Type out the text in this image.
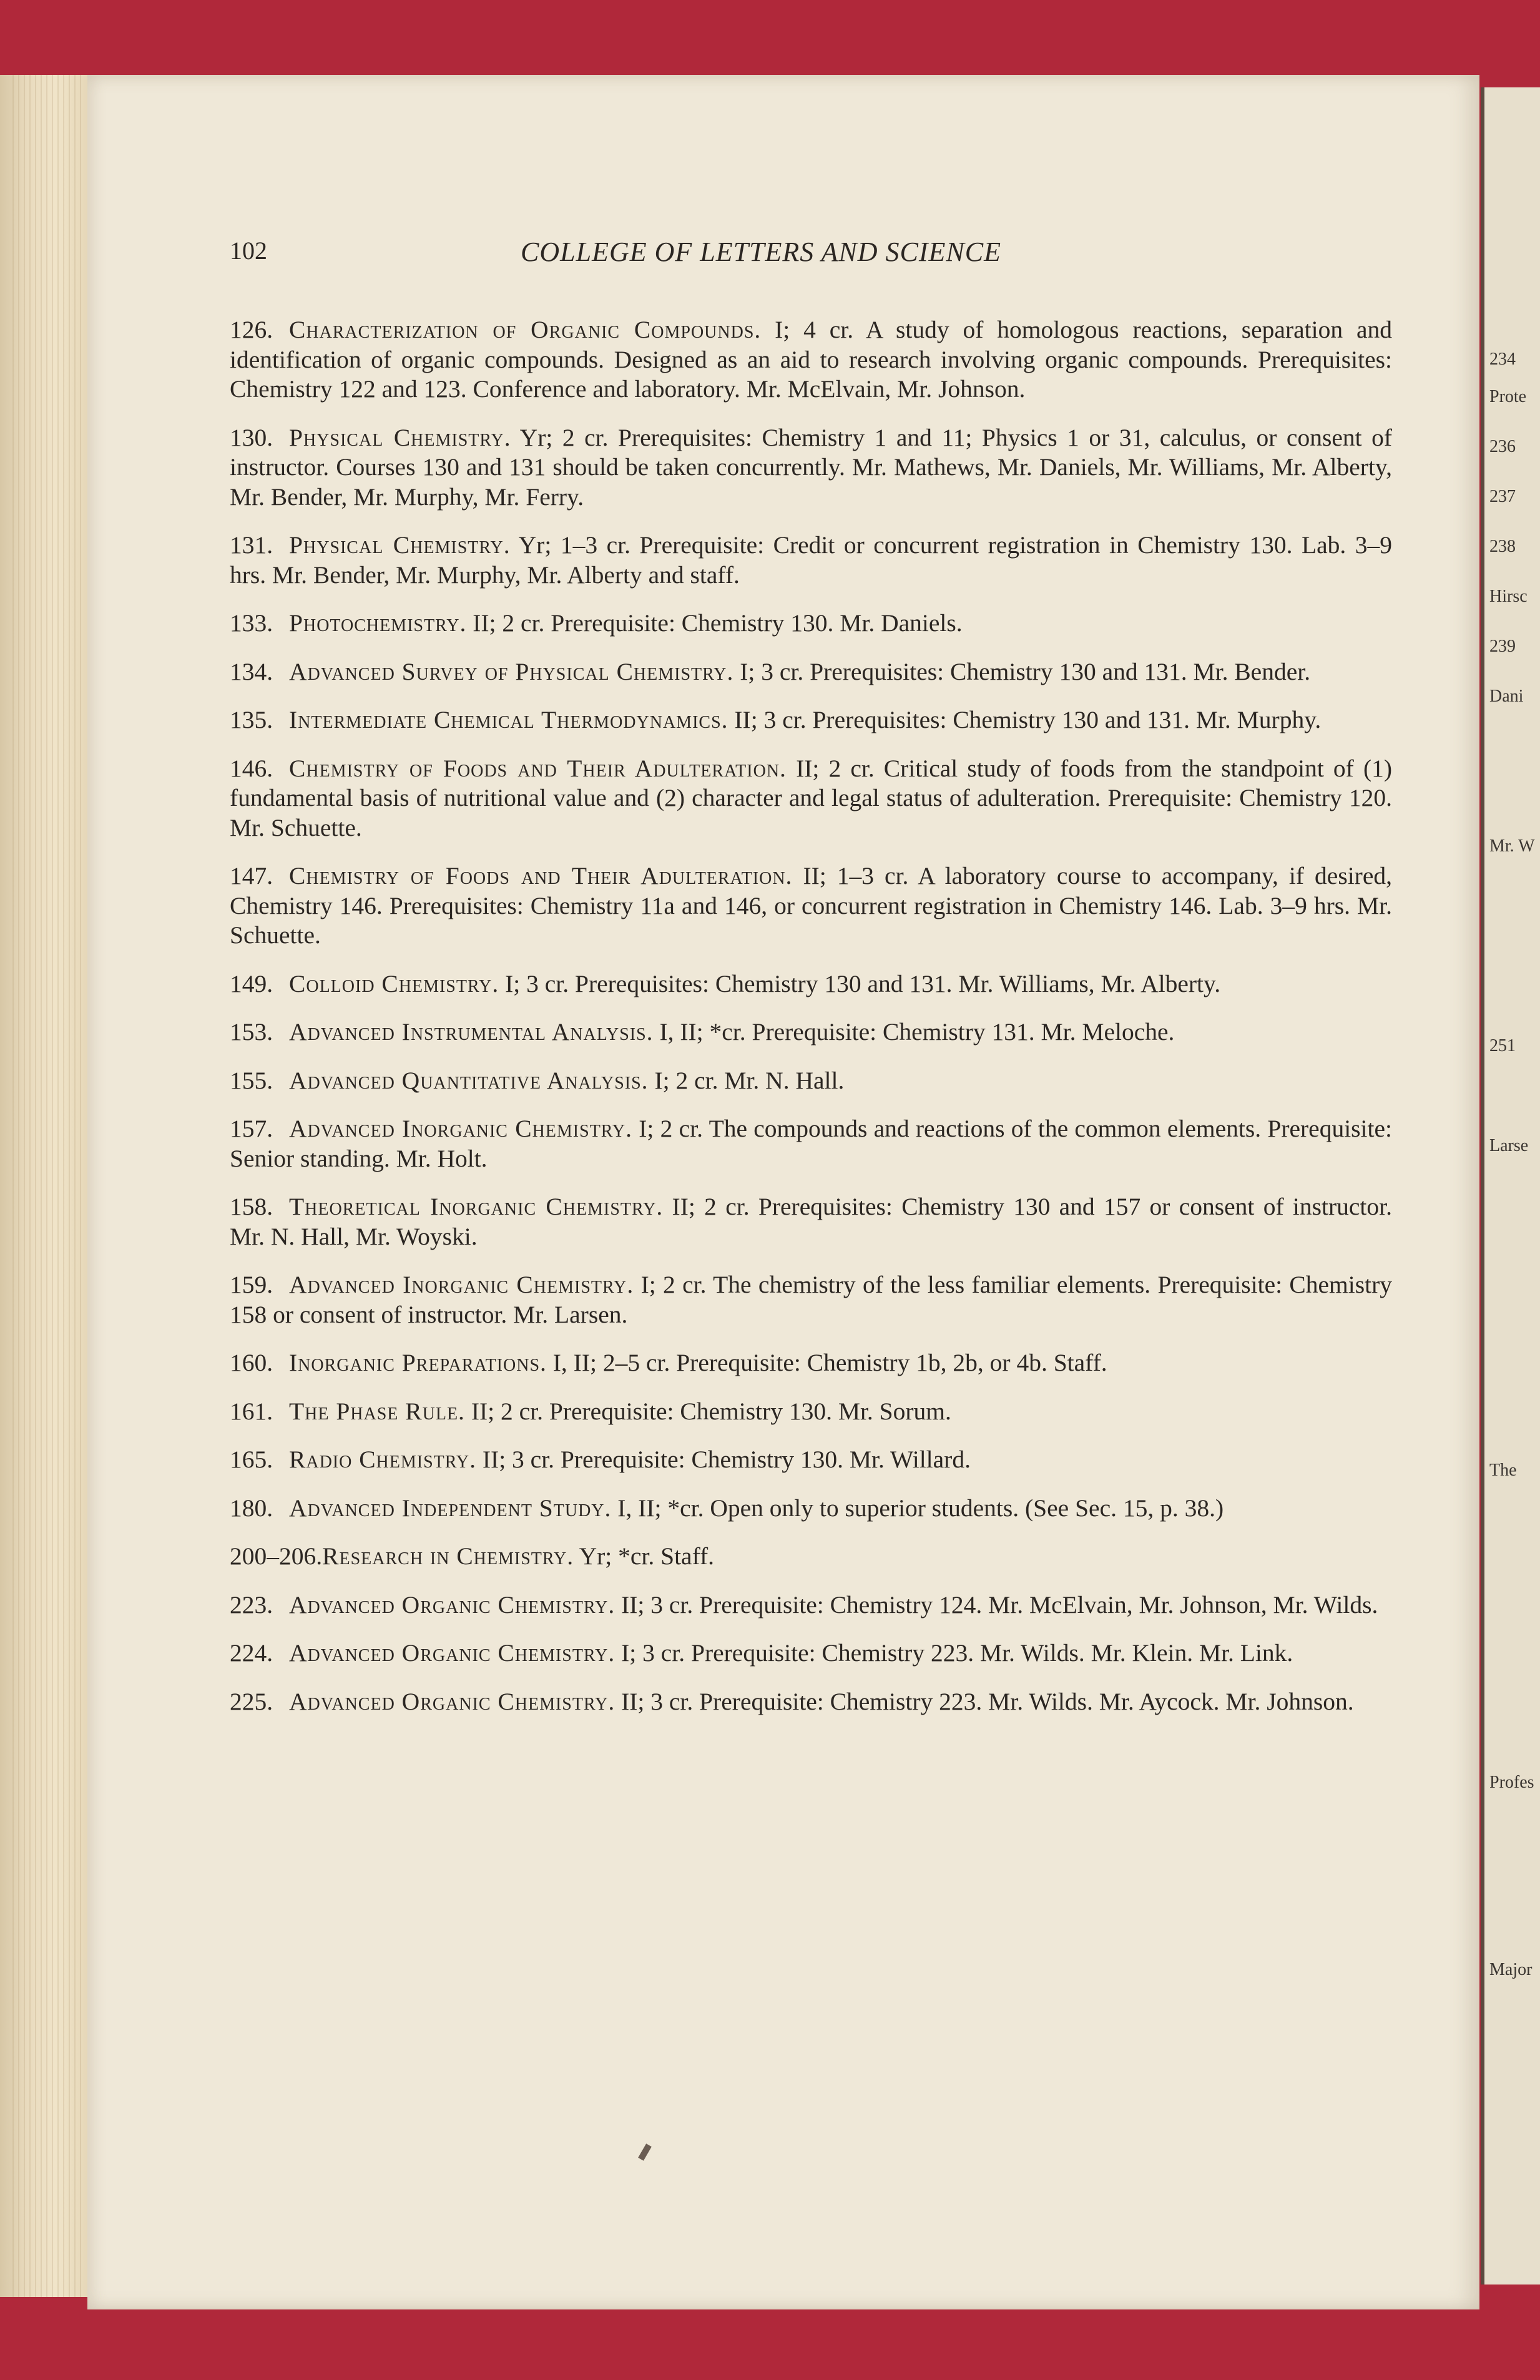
234
Prote
236
237
238
Hirsc
239
Dani
Mr. W
251
Larse
The
Profes
Major
102	COLLEGE OF LETTERS AND SCIENCE

126. Characterization of Organic Compounds. I; 4 cr. A study of homologous reactions, separation and identification of organic compounds. Designed as an aid to research involving organic compounds. Prerequisites: Chemistry 122 and 123. Conference and laboratory. Mr. McElvain, Mr. Johnson.

130. Physical Chemistry. Yr; 2 cr. Prerequisites: Chemistry 1 and 11; Physics 1 or 31, calculus, or consent of instructor. Courses 130 and 131 should be taken concurrently. Mr. Mathews, Mr. Daniels, Mr. Williams, Mr. Alberty, Mr. Bender, Mr. Murphy, Mr. Ferry.

131. Physical Chemistry. Yr; 1–3 cr. Prerequisite: Credit or concurrent registration in Chemistry 130. Lab. 3–9 hrs. Mr. Bender, Mr. Murphy, Mr. Alberty and staff.

133. Photochemistry. II; 2 cr. Prerequisite: Chemistry 130. Mr. Daniels.

134. Advanced Survey of Physical Chemistry. I; 3 cr. Prerequisites: Chemistry 130 and 131. Mr. Bender.

135. Intermediate Chemical Thermodynamics. II; 3 cr. Prerequisites: Chemistry 130 and 131. Mr. Murphy.

146. Chemistry of Foods and Their Adulteration. II; 2 cr. Critical study of foods from the standpoint of (1) fundamental basis of nutritional value and (2) character and legal status of adulteration. Prerequisite: Chemistry 120. Mr. Schuette.

147. Chemistry of Foods and Their Adulteration. II; 1–3 cr. A laboratory course to accompany, if desired, Chemistry 146. Prerequisites: Chemistry 11a and 146, or concurrent registration in Chemistry 146. Lab. 3–9 hrs. Mr. Schuette.

149. Colloid Chemistry. I; 3 cr. Prerequisites: Chemistry 130 and 131. Mr. Williams, Mr. Alberty.

153. Advanced Instrumental Analysis. I, II; *cr. Prerequisite: Chemistry 131. Mr. Meloche.

155. Advanced Quantitative Analysis. I; 2 cr. Mr. N. Hall.

157. Advanced Inorganic Chemistry. I; 2 cr. The compounds and reactions of the common elements. Prerequisite: Senior standing. Mr. Holt.

158. Theoretical Inorganic Chemistry. II; 2 cr. Prerequisites: Chemistry 130 and 157 or consent of instructor. Mr. N. Hall, Mr. Woyski.

159. Advanced Inorganic Chemistry. I; 2 cr. The chemistry of the less familiar elements. Prerequisite: Chemistry 158 or consent of instructor. Mr. Larsen.

160. Inorganic Preparations. I, II; 2–5 cr. Prerequisite: Chemistry 1b, 2b, or 4b. Staff.

161. The Phase Rule. II; 2 cr. Prerequisite: Chemistry 130. Mr. Sorum.

165. Radio Chemistry. II; 3 cr. Prerequisite: Chemistry 130. Mr. Willard.

180. Advanced Independent Study. I, II; *cr. Open only to superior students. (See Sec. 15, p. 38.)

200–206.Research in Chemistry. Yr; *cr. Staff.

223. Advanced Organic Chemistry. II; 3 cr. Prerequisite: Chemistry 124. Mr. McElvain, Mr. Johnson, Mr. Wilds.

224. Advanced Organic Chemistry. I; 3 cr. Prerequisite: Chemistry 223. Mr. Wilds. Mr. Klein. Mr. Link.

225. Advanced Organic Chemistry. II; 3 cr. Prerequisite: Chemistry 223. Mr. Wilds. Mr. Aycock. Mr. Johnson.
